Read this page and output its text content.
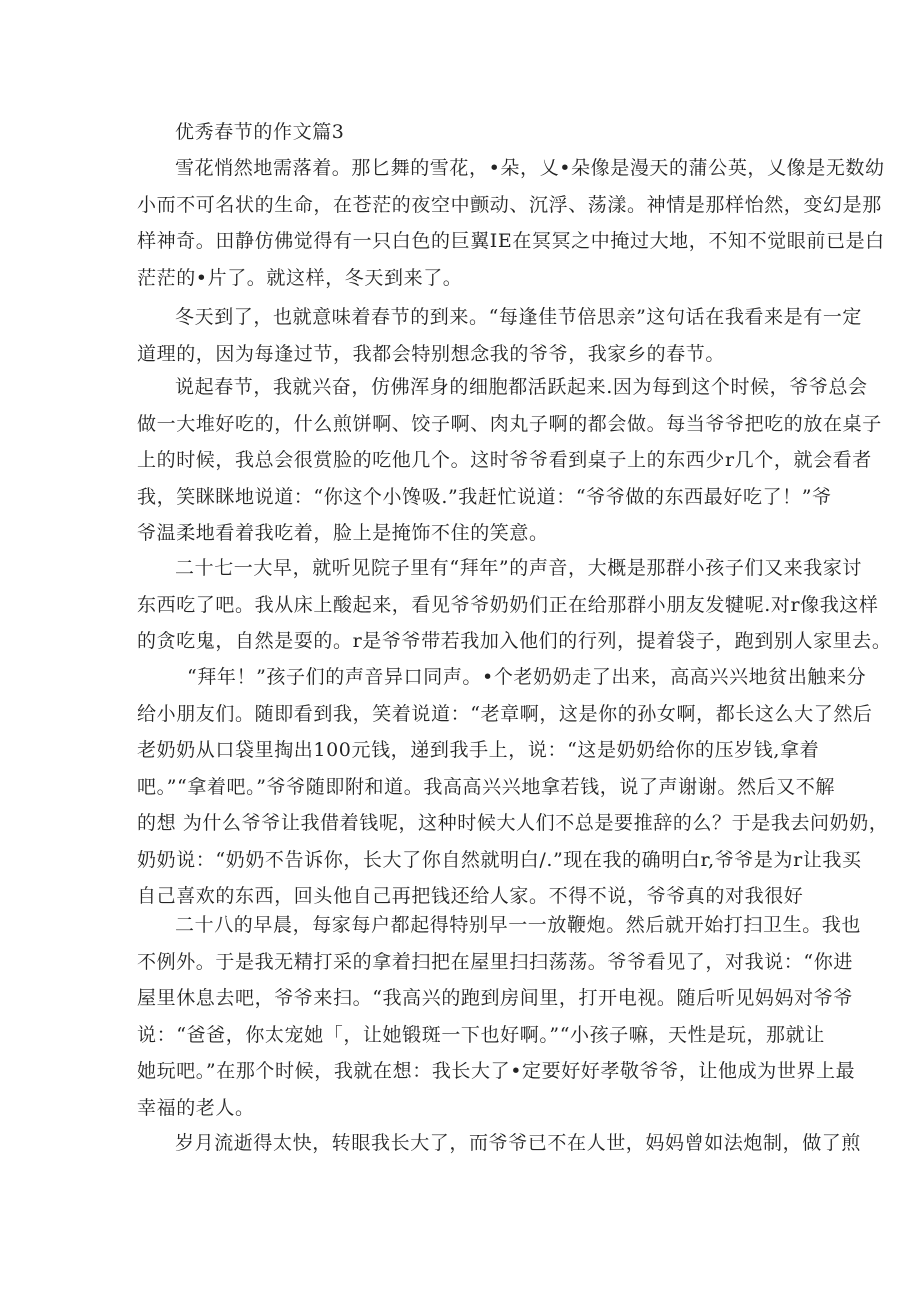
优秀春节的作文篇3
雪花悄然地需落着。那匕舞的雪花，•朵，乂•朵像是漫天的蒲公英，乂像是无数幼
小而不可名状的生命，在苍茫的夜空中颤动、沉浮、荡漾。神情是那样怡然，变幻是那
样神奇。田静仿佛觉得有一只白色的巨翼IE在冥冥之中掩过大地，不知不觉眼前已是白
茫茫的•片了。就这样，冬天到来了。
冬天到了，也就意味着春节的到来。“每逢佳节倍思亲”这句话在我看来是有一定
道理的，因为每逢过节，我都会特别想念我的爷爷，我家乡的春节。
说起春节，我就兴奋，仿佛浑身的细胞都活跃起来.因为每到这个时候，爷爷总会
做一大堆好吃的，什么煎饼啊、饺子啊、肉丸子啊的都会做。每当爷爷把吃的放在桌子
上的时候，我总会很赏脸的吃他几个。这时爷爷看到桌子上的东西少r几个，就会看者
我，笑眯眯地说道：“你这个小馋吸.”我赶忙说道：“爷爷做的东西最好吃了！”爷
爷温柔地看着我吃着，脸上是掩饰不住的笑意。
二十七一大早，就听见院子里有“拜年”的声音，大概是那群小孩子们又来我家讨
东西吃了吧。我从床上酸起来，看见爷爷奶奶们正在给那群小朋友发犍呢.对r像我这样
的贪吃鬼，自然是耍的。r是爷爷带若我加入他们的行列，提着袋子，跑到别人家里去。
“拜年！”孩子们的声音异口同声。•个老奶奶走了出来，高高兴兴地贫出触来分
给小朋友们。随即看到我，笑着说道：“老章啊，这是你的孙女啊，都长这么大了然后
老奶奶从口袋里掏出100元钱，递到我手上，说：“这是奶奶给你的压岁钱,拿着
吧。”“拿着吧。”爷爷随即附和道。我高高兴兴地拿若钱，说了声谢谢。然后又不解
的想 为什么爷爷让我借着钱呢，这种时候大人们不总是要推辞的么？于是我去问奶奶，
奶奶说：“奶奶不告诉你，长大了你自然就明白/.”现在我的确明白r,爷爷是为r让我买
自己喜欢的东西，回头他自己再把钱还给人家。不得不说，爷爷真的对我很好
二十八的早晨，每家每户都起得特别早一一放鞭炮。然后就开始打扫卫生。我也
不例外。于是我无精打采的拿着扫把在屋里扫扫荡荡。爷爷看见了，对我说：“你进
屋里休息去吧，爷爷来扫。“我高兴的跑到房间里，打开电视。随后听见妈妈对爷爷
说：“爸爸，你太宠她「，让她锻斑一下也好啊。”“小孩子嘛，天性是玩，那就让
她玩吧。”在那个时候，我就在想：我长大了•定要好好孝敬爷爷，让他成为世界上最
幸福的老人。
岁月流逝得太快，转眼我长大了，而爷爷已不在人世，妈妈曾如法炮制，做了煎
